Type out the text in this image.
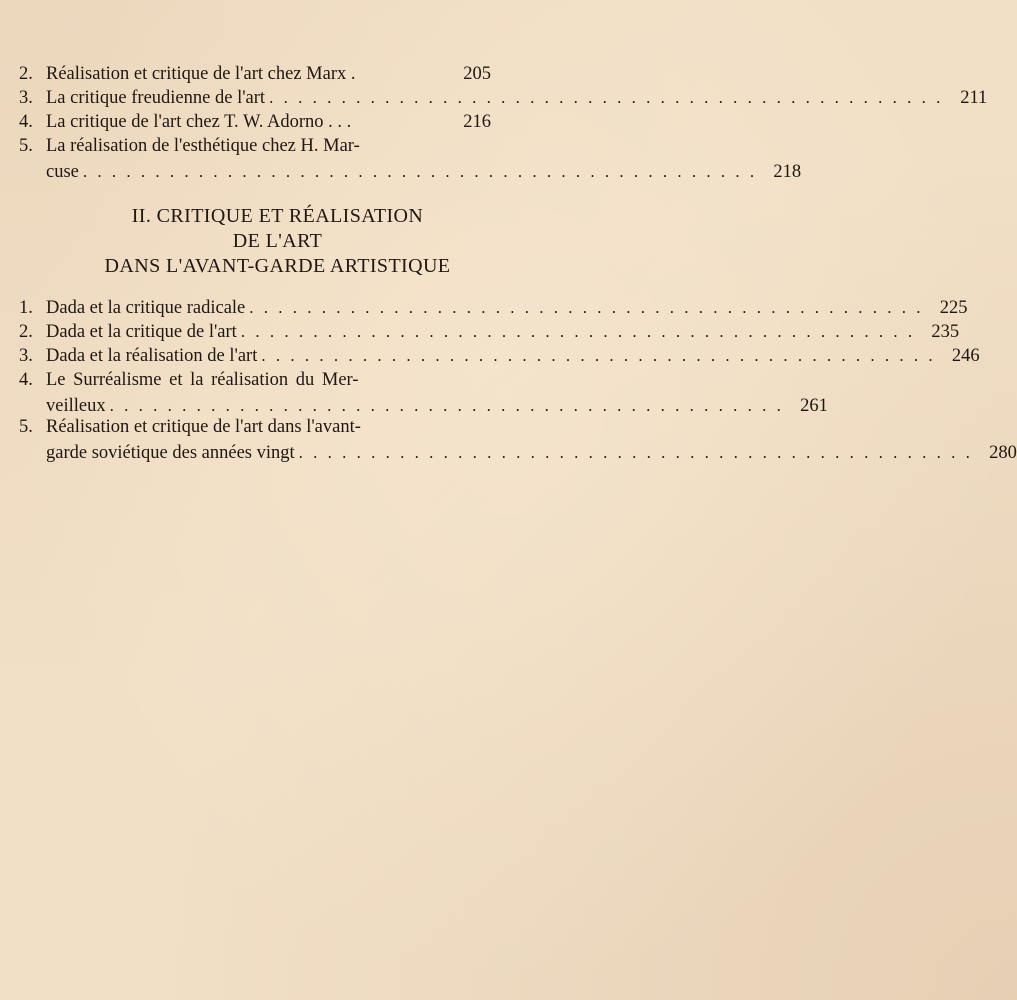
2. Réalisation et critique de l'art chez Marx .	205
3. La critique freudienne de l'art . . . . . . . . . . . . . . . . . . . . . . . . . . . . . . . . . . . . . . . . . . . . . . . 211
4. La critique de l'art chez T. W. Adorno . . .	216
5. La réalisation de l'esthétique chez H. Mar-
cuse . . . . . . . . . . . . . . . . . . . . . . . . . . . . . . . . . . . . . . . . . . . . . . . 218
II. CRITIQUE ET RÉALISATION
DE L'ART
DANS L'AVANT-GARDE ARTISTIQUE
1. Dada et la critique radicale . . . . . . . . . . . . . . . . . . . . . . . . . . . . . . . . . . . . . . . . . . . . . . . 225
2. Dada et la critique de l'art . . . . . . . . . . . . . . . . . . . . . . . . . . . . . . . . . . . . . . . . . . . . . . . 235
3. Dada et la réalisation de l'art . . . . . . . . . . . . . . . . . . . . . . . . . . . . . . . . . . . . . . . . . . . . . . . 246
4. Le Surréalisme et la réalisation du Mer-
veilleux . . . . . . . . . . . . . . . . . . . . . . . . . . . . . . . . . . . . . . . . . . . . . . . 261
5. Réalisation et critique de l'art dans l'avant-
garde soviétique des années vingt . . . . . . . . . . . . . . . . . . . . . . . . . . . . . . . . . . . . . . . . . . . . . . . 280
